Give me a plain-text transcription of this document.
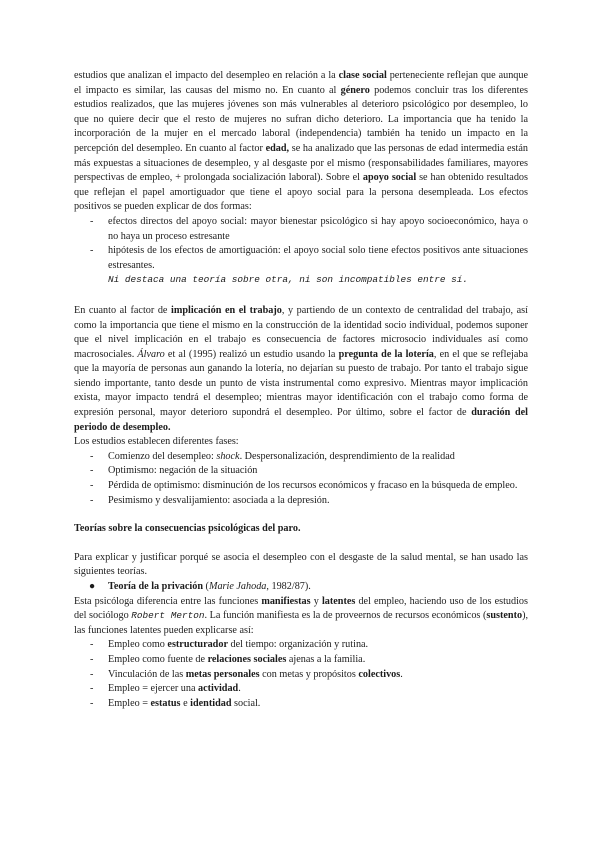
estudios que analizan el impacto del desempleo en relación a la clase social perteneciente reflejan que aunque el impacto es similar, las causas del mismo no. En cuanto al género podemos concluir tras los diferentes estudios realizados, que las mujeres jóvenes son más vulnerables al deterioro psicológico por desempleo, lo que no quiere decir que el resto de mujeres no sufran dicho deterioro. La importancia que ha tenido la incorporación de la mujer en el mercado laboral (independencia) también ha tenido un impacto en la percepción del desempleo. En cuanto al factor edad, se ha analizado que las personas de edad intermedia están más expuestas a situaciones de desempleo, y al desgaste por el mismo (responsabilidades familiares, mayores perspectivas de empleo, + prolongada socialización laboral). Sobre el apoyo social se han obtenido resultados que reflejan el papel amortiguador que tiene el apoyo social para la persona desempleada. Los efectos positivos se pueden explicar de dos formas:

- efectos directos del apoyo social: mayor bienestar psicológico si hay apoyo socioeconómico, haya o no haya un proceso estresante
- hipótesis de los efectos de amortiguación: el apoyo social solo tiene efectos positivos ante situaciones estresantes.
Ni destaca una teoría sobre otra, ni son incompatibles entre sí.

En cuanto al factor de implicación en el trabajo, y partiendo de un contexto de centralidad del trabajo, así como la importancia que tiene el mismo en la construcción de la identidad socio individual, podemos suponer que el nivel implicación en el trabajo es consecuencia de factores microsocio individuales así como macrosociales. Álvaro et al (1995) realizó un estudio usando la pregunta de la lotería, en el que se reflejaba que la mayoría de personas aun ganando la lotería, no dejarían su puesto de trabajo. Por tanto el trabajo sigue siendo importante, tanto desde un punto de vista instrumental como expresivo. Mientras mayor implicación exista, mayor impacto tendrá el desempleo; mientras mayor identificación con el trabajo como forma de expresión personal, mayor deterioro supondrá el desempleo. Por último, sobre el factor de duración del periodo de desempleo.
Los estudios establecen diferentes fases:

- Comienzo del desempleo: shock. Despersonalización, desprendimiento de la realidad
- Optimismo: negación de la situación
- Pérdida de optimismo: disminución de los recursos económicos y fracaso en la búsqueda de empleo.
- Pesimismo y desvalijamiento: asociada a la depresión.

Teorías sobre la consecuencias psicológicas del paro.

Para explicar y justificar porqué se asocia el desempleo con el desgaste de la salud mental, se han usado las siguientes teorías.

● Teoría de la privación (Marie Jahoda, 1982/87).

Esta psicóloga diferencia entre las funciones manifiestas y latentes del empleo, haciendo uso de los estudios del sociólogo Robert Merton. La función manifiesta es la de proveernos de recursos económicos (sustento), las funciones latentes pueden explicarse así:

- Empleo como estructurador del tiempo: organización y rutina.
- Empleo como fuente de relaciones sociales ajenas a la familia.
- Vinculación de las metas personales con metas y propósitos colectivos.
- Empleo = ejercer una actividad.
- Empleo = estatus e identidad social.
